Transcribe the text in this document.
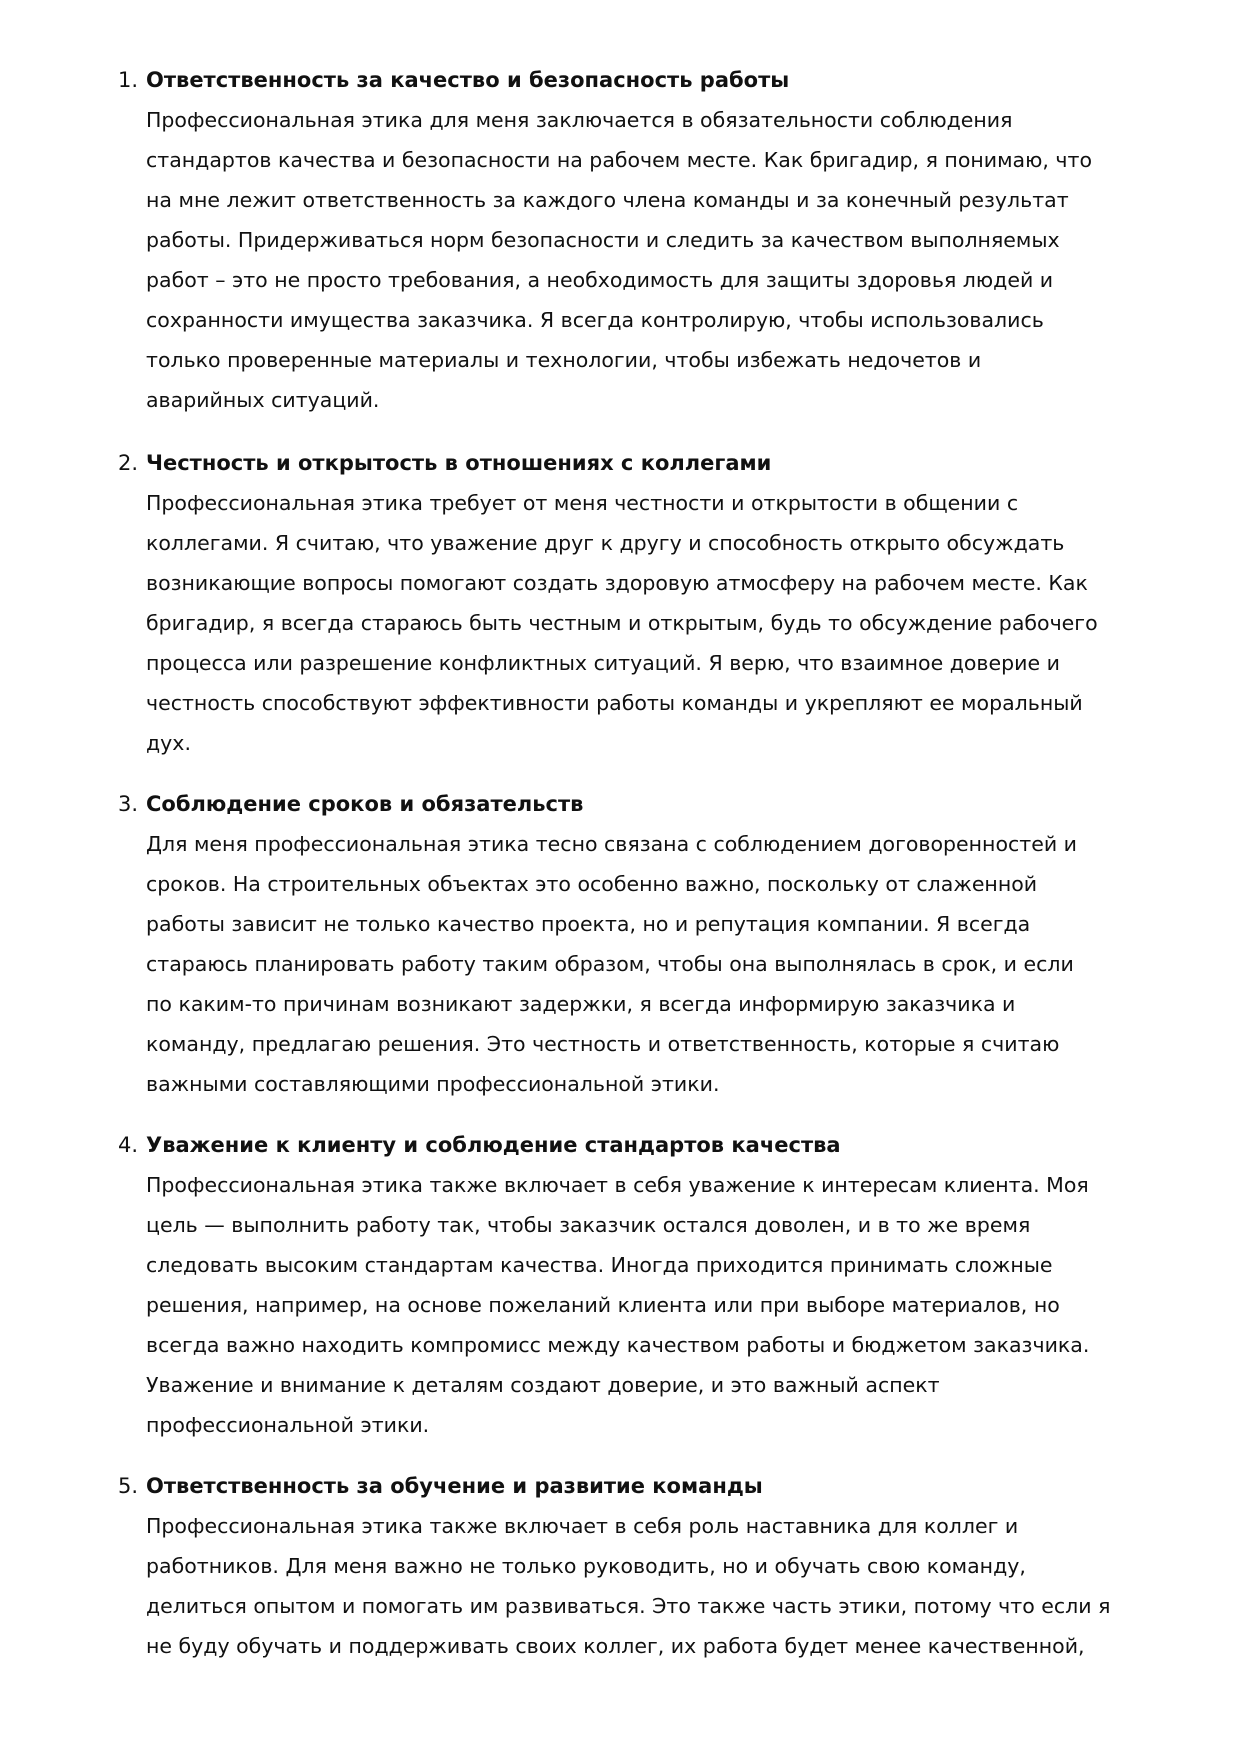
1. Ответственность за качество и безопасность работы
Профессиональная этика для меня заключается в обязательности соблюдения
стандартов качества и безопасности на рабочем месте. Как бригадир, я понимаю, что
на мне лежит ответственность за каждого члена команды и за конечный результат
работы. Придерживаться норм безопасности и следить за качеством выполняемых
работ – это не просто требования, а необходимость для защиты здоровья людей и
сохранности имущества заказчика. Я всегда контролирую, чтобы использовались
только проверенные материалы и технологии, чтобы избежать недочетов и
аварийных ситуаций.
2. Честность и открытость в отношениях с коллегами
Профессиональная этика требует от меня честности и открытости в общении с
коллегами. Я считаю, что уважение друг к другу и способность открыто обсуждать
возникающие вопросы помогают создать здоровую атмосферу на рабочем месте. Как
бригадир, я всегда стараюсь быть честным и открытым, будь то обсуждение рабочего
процесса или разрешение конфликтных ситуаций. Я верю, что взаимное доверие и
честность способствуют эффективности работы команды и укрепляют ее моральный
дух.
3. Соблюдение сроков и обязательств
Для меня профессиональная этика тесно связана с соблюдением договоренностей и
сроков. На строительных объектах это особенно важно, поскольку от слаженной
работы зависит не только качество проекта, но и репутация компании. Я всегда
стараюсь планировать работу таким образом, чтобы она выполнялась в срок, и если
по каким-то причинам возникают задержки, я всегда информирую заказчика и
команду, предлагаю решения. Это честность и ответственность, которые я считаю
важными составляющими профессиональной этики.
4. Уважение к клиенту и соблюдение стандартов качества
Профессиональная этика также включает в себя уважение к интересам клиента. Моя
цель — выполнить работу так, чтобы заказчик остался доволен, и в то же время
следовать высоким стандартам качества. Иногда приходится принимать сложные
решения, например, на основе пожеланий клиента или при выборе материалов, но
всегда важно находить компромисс между качеством работы и бюджетом заказчика.
Уважение и внимание к деталям создают доверие, и это важный аспект
профессиональной этики.
5. Ответственность за обучение и развитие команды
Профессиональная этика также включает в себя роль наставника для коллег и
работников. Для меня важно не только руководить, но и обучать свою команду,
делиться опытом и помогать им развиваться. Это также часть этики, потому что если я
не буду обучать и поддерживать своих коллег, их работа будет менее качественной,
